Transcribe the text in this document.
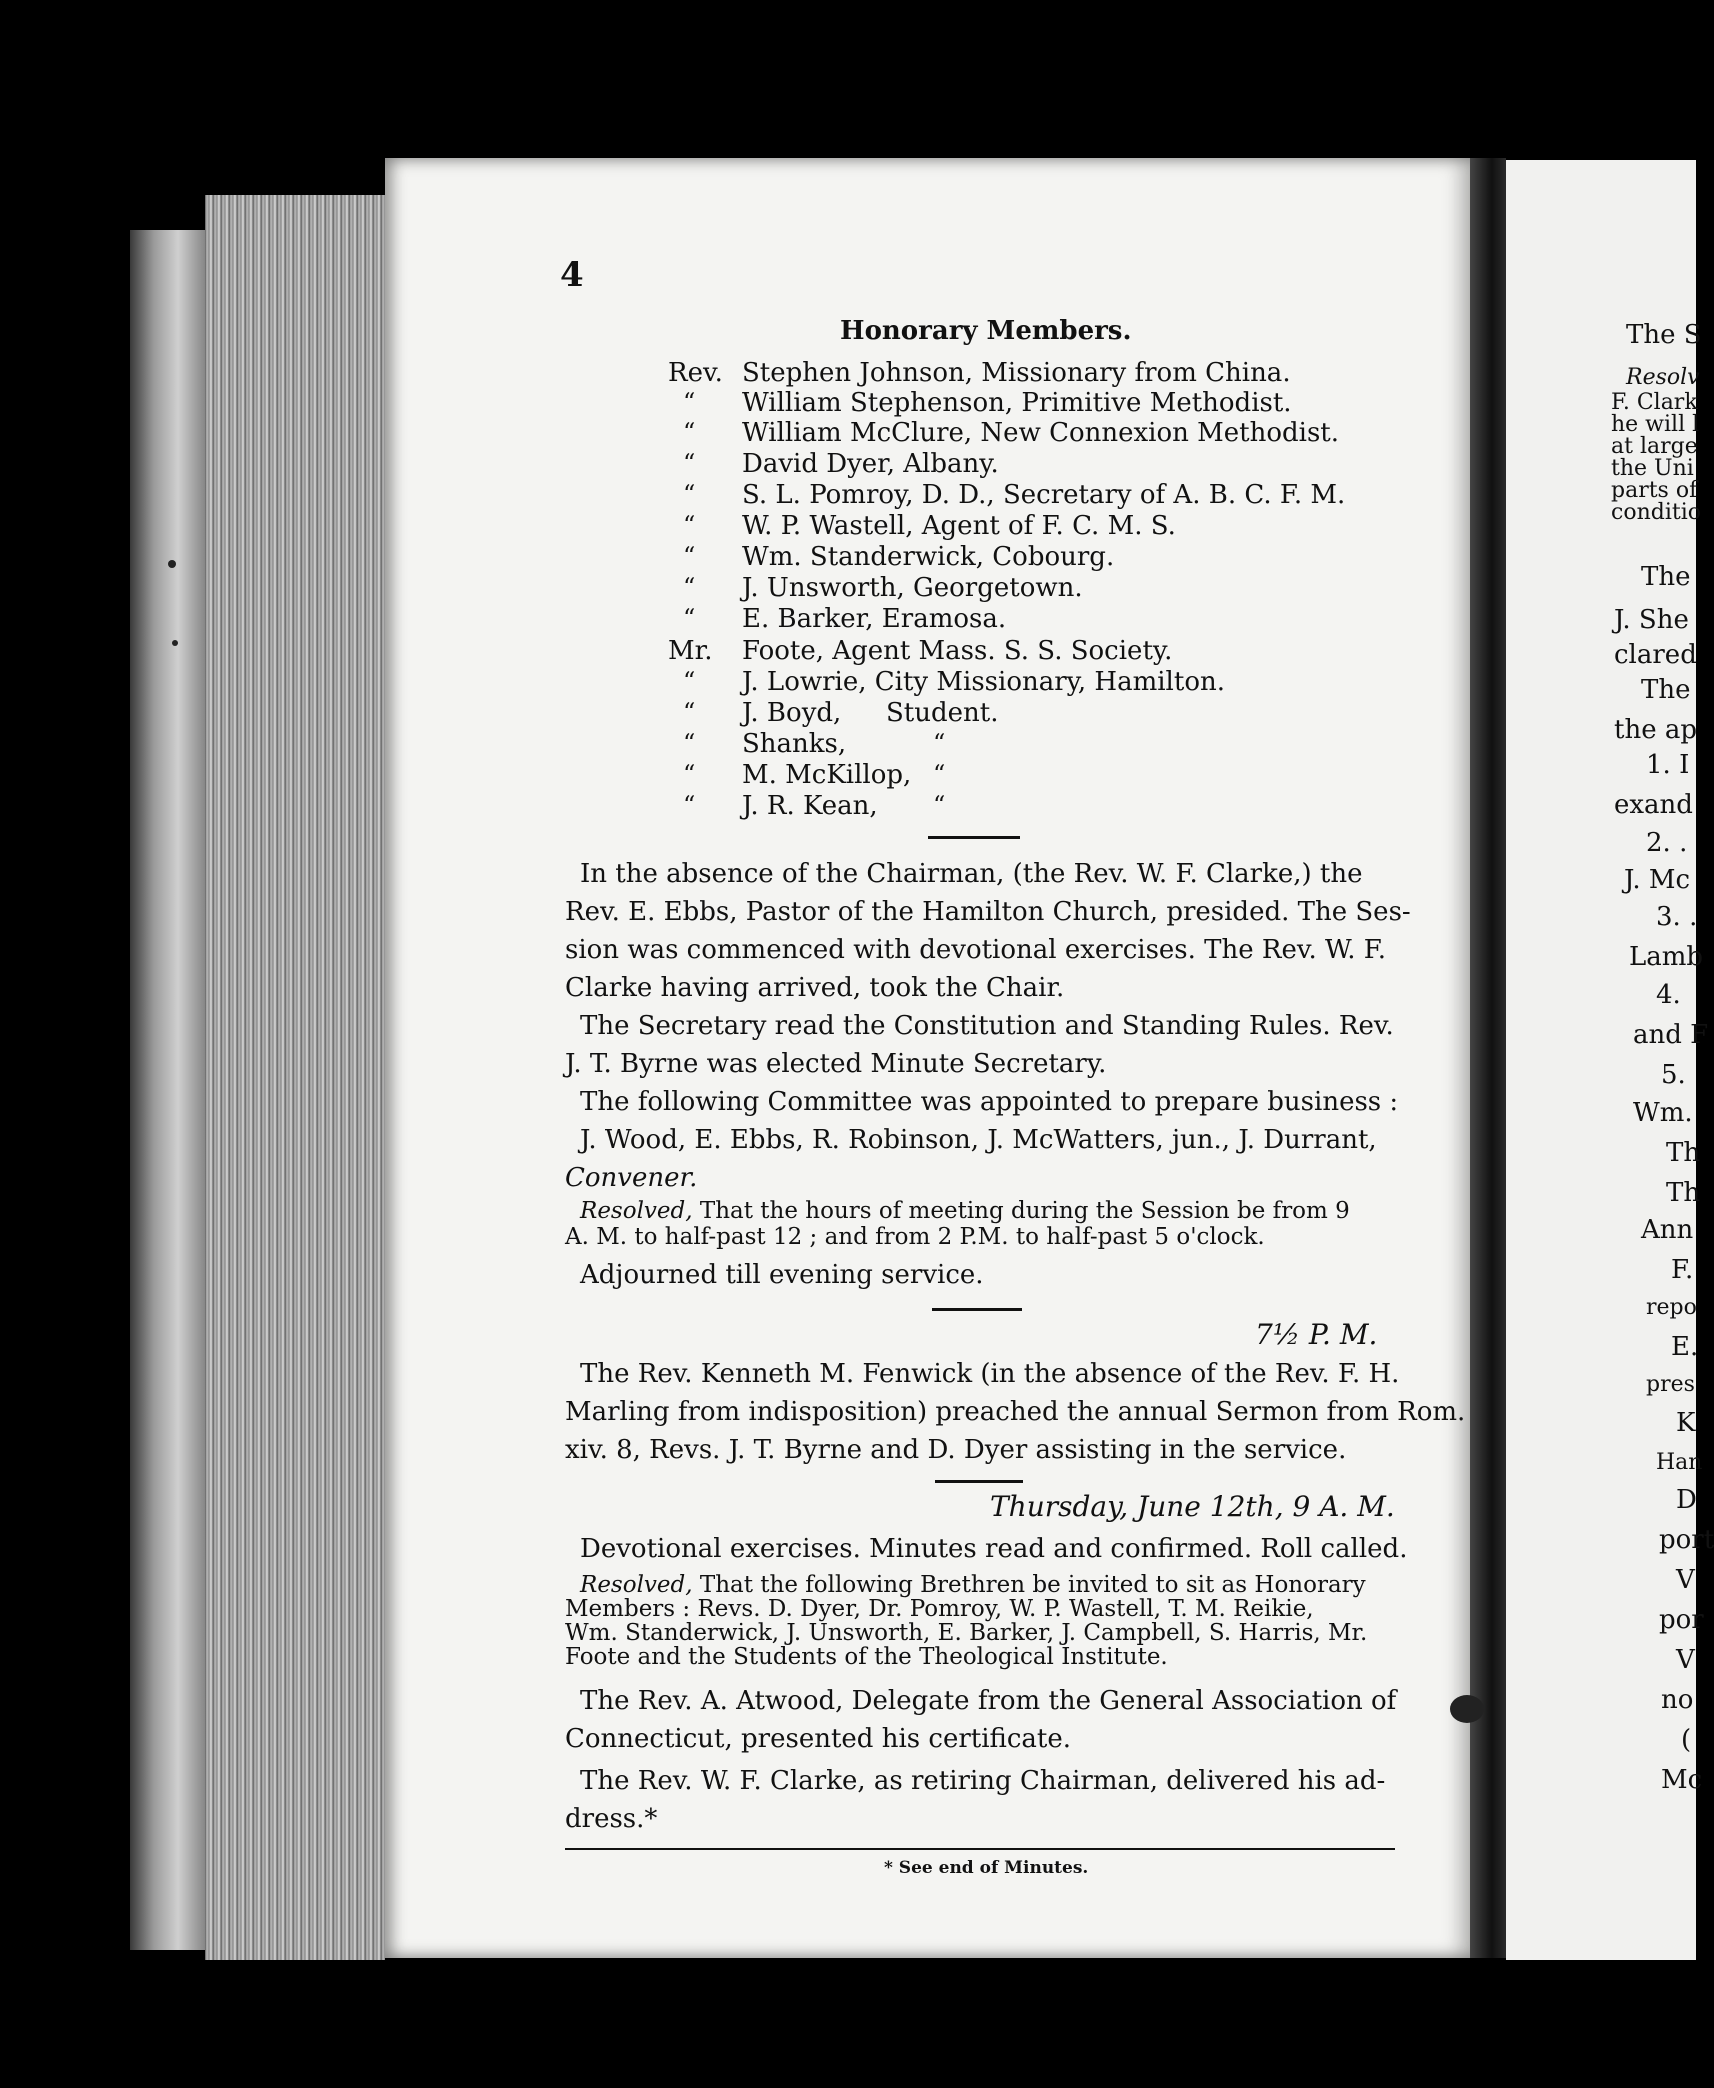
The S
Resolv
F. Clark
he will l
at large
the Uni
parts of
conditio
The
J. She
clared
The
the ap
1. I
exand
2. .
J. Mc
3. .
Lamb
4.
and F
5.
Wm.
Th
Th
Ann
F.
repo
E.
pres
K
Han
D
port
V
por
V
no
(
Mc
4
Honorary Members.
Rev. Stephen Johnson, Missionary from China.
“ William Stephenson, Primitive Methodist.
“ William McClure, New Connexion Methodist.
“ David Dyer, Albany.
“ S. L. Pomroy, D. D., Secretary of A. B. C. F. M.
“ W. P. Wastell, Agent of F. C. M. S.
“ Wm. Standerwick, Cobourg.
“ J. Unsworth, Georgetown.
“ E. Barker, Eramosa.
Mr. Foote, Agent Mass. S. S. Society.
“ J. Lowrie, City Missionary, Hamilton.
“ J. Boyd, Student.
“ Shanks,	“
“ M. McKillop, “
“ J. R. Kean, “
In the absence of the Chairman, (the Rev. W. F. Clarke,) the
Rev. E. Ebbs, Pastor of the Hamilton Church, presided. The Ses-
sion was commenced with devotional exercises. The Rev. W. F.
Clarke having arrived, took the Chair.
The Secretary read the Constitution and Standing Rules. Rev.
J. T. Byrne was elected Minute Secretary.
The following Committee was appointed to prepare business :
J. Wood, E. Ebbs, R. Robinson, J. McWatters, jun., J. Durrant,
Convener.
Resolved, That the hours of meeting during the Session be from 9
A. M. to half-past 12 ; and from 2 P.M. to half-past 5 o'clock.
Adjourned till evening service.
7½ P. M.
The Rev. Kenneth M. Fenwick (in the absence of the Rev. F. H.
Marling from indisposition) preached the annual Sermon from Rom.
xiv. 8, Revs. J. T. Byrne and D. Dyer assisting in the service.
Thursday, June 12th, 9 A. M.
Devotional exercises. Minutes read and confirmed. Roll called.
Resolved, That the following Brethren be invited to sit as Honorary
Members : Revs. D. Dyer, Dr. Pomroy, W. P. Wastell, T. M. Reikie,
Wm. Standerwick, J. Unsworth, E. Barker, J. Campbell, S. Harris, Mr.
Foote and the Students of the Theological Institute.
The Rev. A. Atwood, Delegate from the General Association of
Connecticut, presented his certificate.
The Rev. W. F. Clarke, as retiring Chairman, delivered his ad-
dress.*
* See end of Minutes.
